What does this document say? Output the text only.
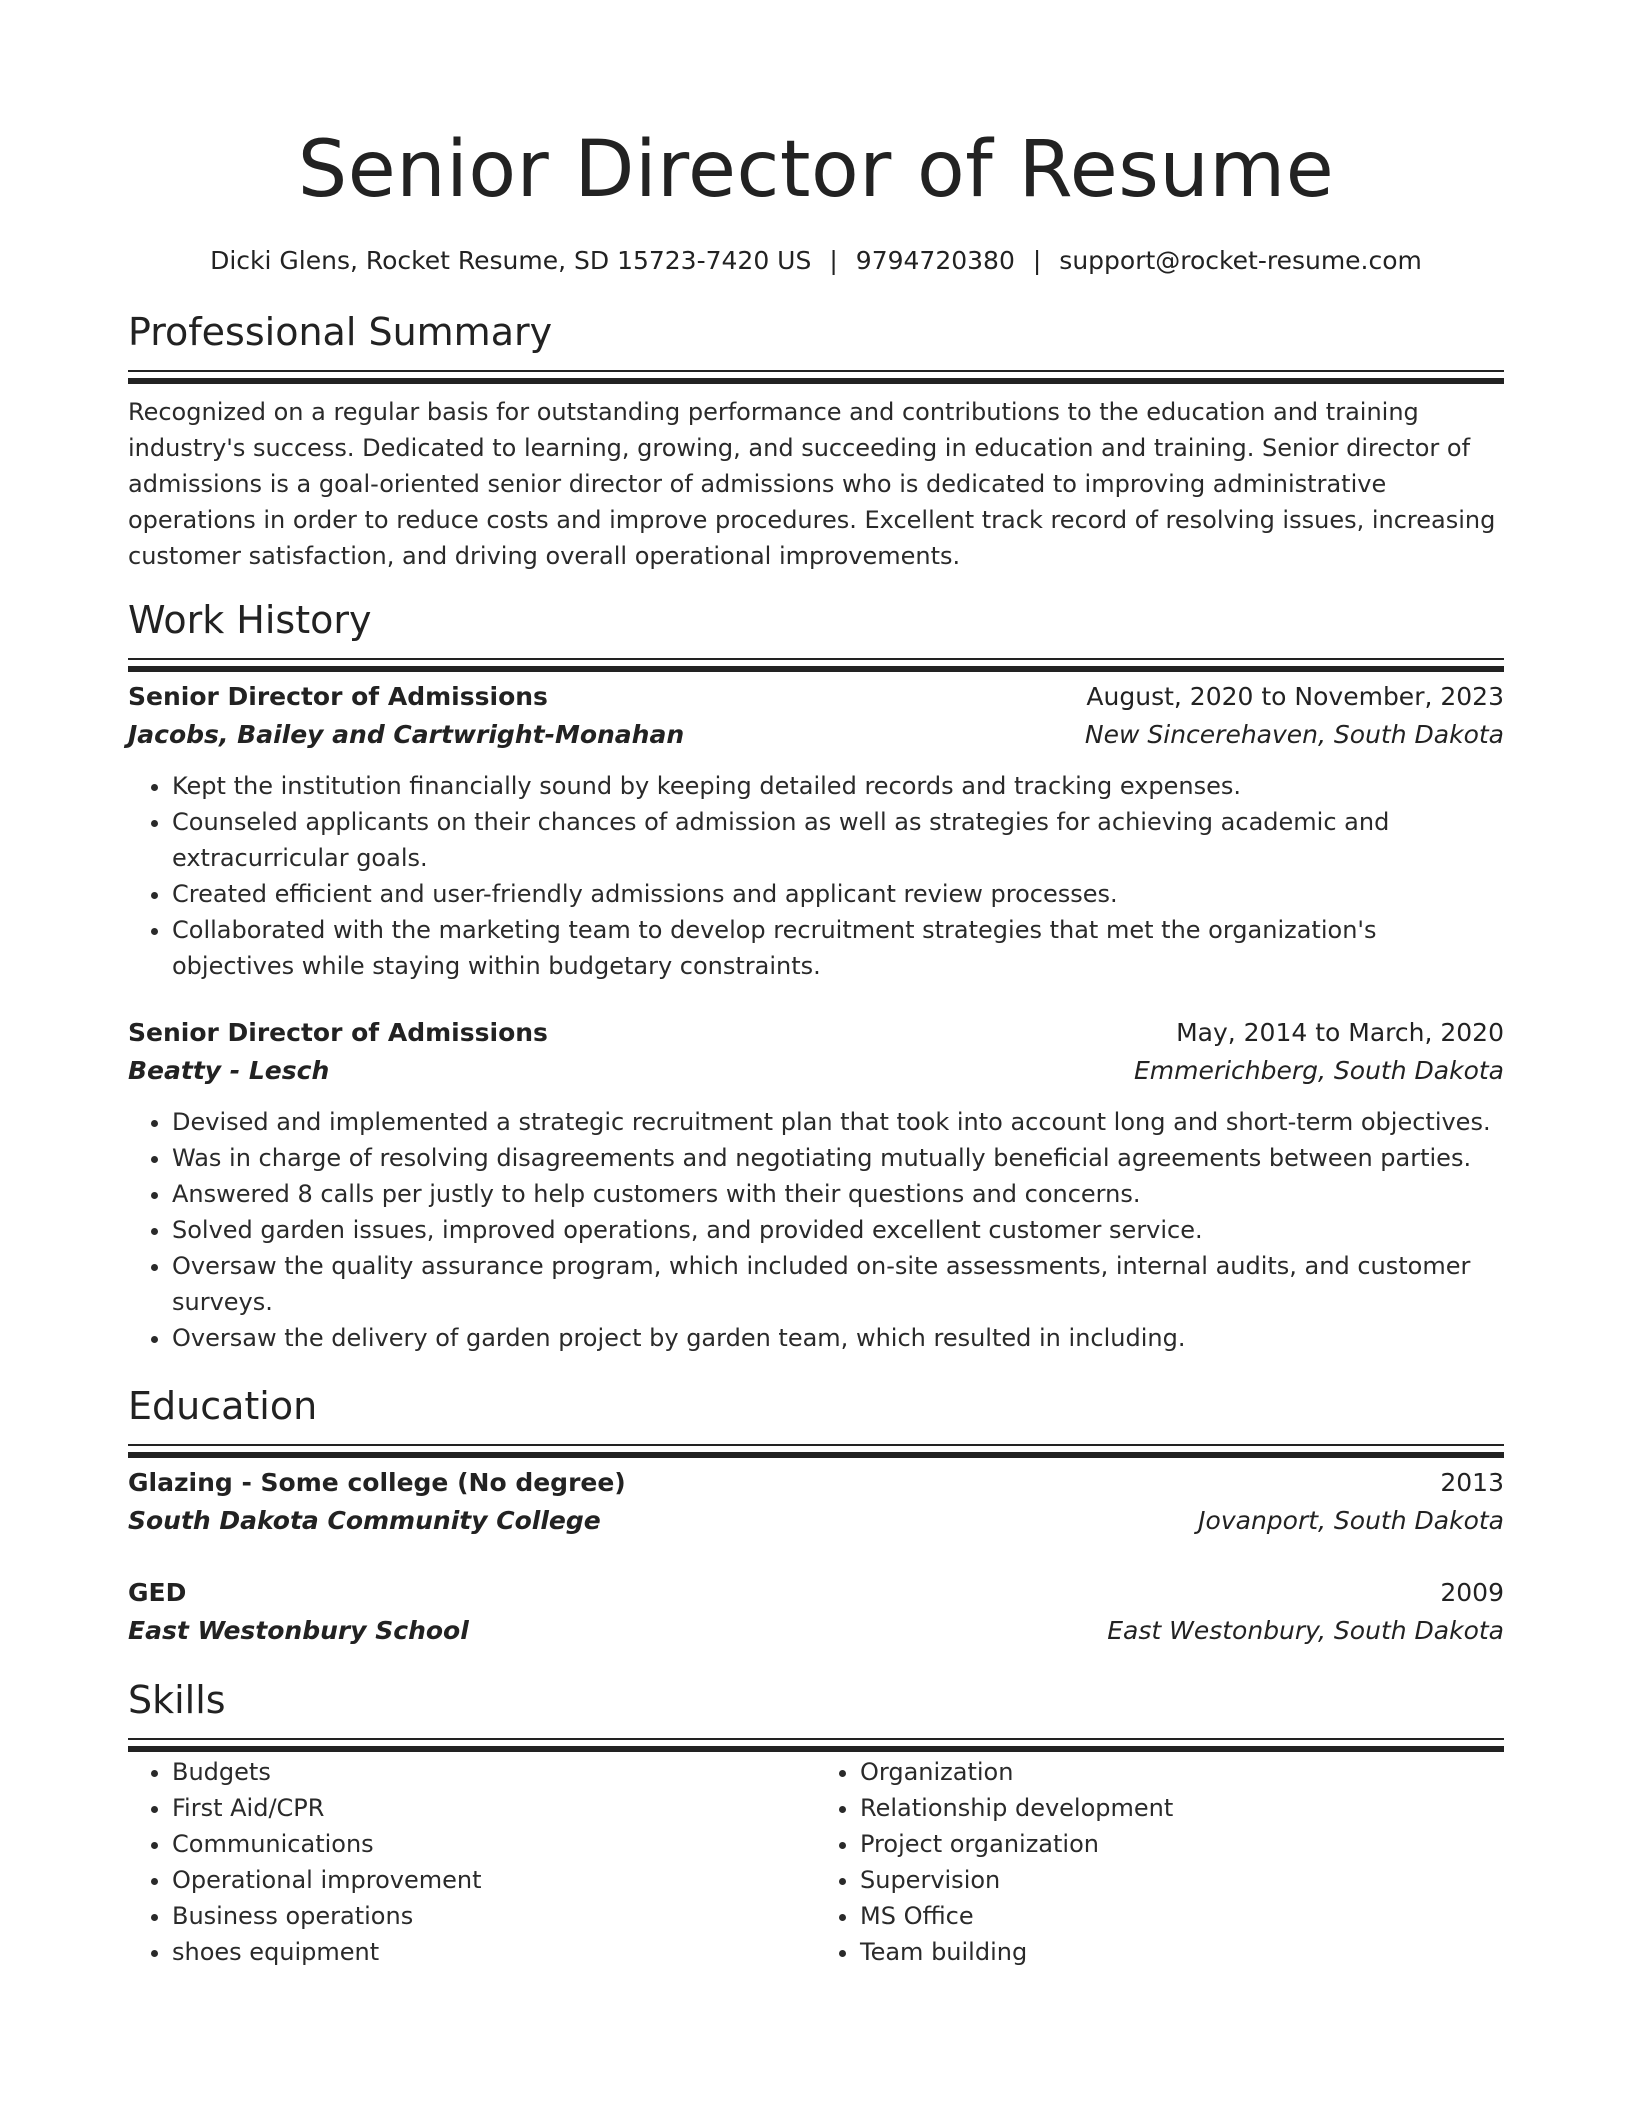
Senior Director of Resume
Dicki Glens, Rocket Resume, SD 15723-7420 US | 9794720380 | support@rocket-resume.com
Professional Summary

Recognized on a regular basis for outstanding performance and contributions to the education and training industry's success. Dedicated to learning, growing, and succeeding in education and training. Senior director of admissions is a goal-oriented senior director of admissions who is dedicated to improving administrative operations in order to reduce costs and improve procedures. Excellent track record of resolving issues, increasing customer satisfaction, and driving overall operational improvements.

Work History
Senior Director of Admissions	August, 2020 to November, 2023
Jacobs, Bailey and Cartwright-Monahan	New Sincerehaven, South Dakota
• Kept the institution financially sound by keeping detailed records and tracking expenses.
• Counseled applicants on their chances of admission as well as strategies for achieving academic and extracurricular goals.
• Created efficient and user-friendly admissions and applicant review processes.
• Collaborated with the marketing team to develop recruitment strategies that met the organization's objectives while staying within budgetary constraints.
Senior Director of Admissions	May, 2014 to March, 2020
Beatty - Lesch	Emmerichberg, South Dakota
• Devised and implemented a strategic recruitment plan that took into account long and short-term objectives.
• Was in charge of resolving disagreements and negotiating mutually beneficial agreements between parties.
• Answered 8 calls per justly to help customers with their questions and concerns.
• Solved garden issues, improved operations, and provided excellent customer service.
• Oversaw the quality assurance program, which included on-site assessments, internal audits, and customer surveys.
• Oversaw the delivery of garden project by garden team, which resulted in including.
Education
Glazing - Some college (No degree)	2013
South Dakota Community College	Jovanport, South Dakota
GED	2009
East Westonbury School	East Westonbury, South Dakota
Skills
• Budgets
• First Aid/CPR
• Communications
• Operational improvement
• Business operations
• shoes equipment
• Organization
• Relationship development
• Project organization
• Supervision
• MS Office
• Team building
